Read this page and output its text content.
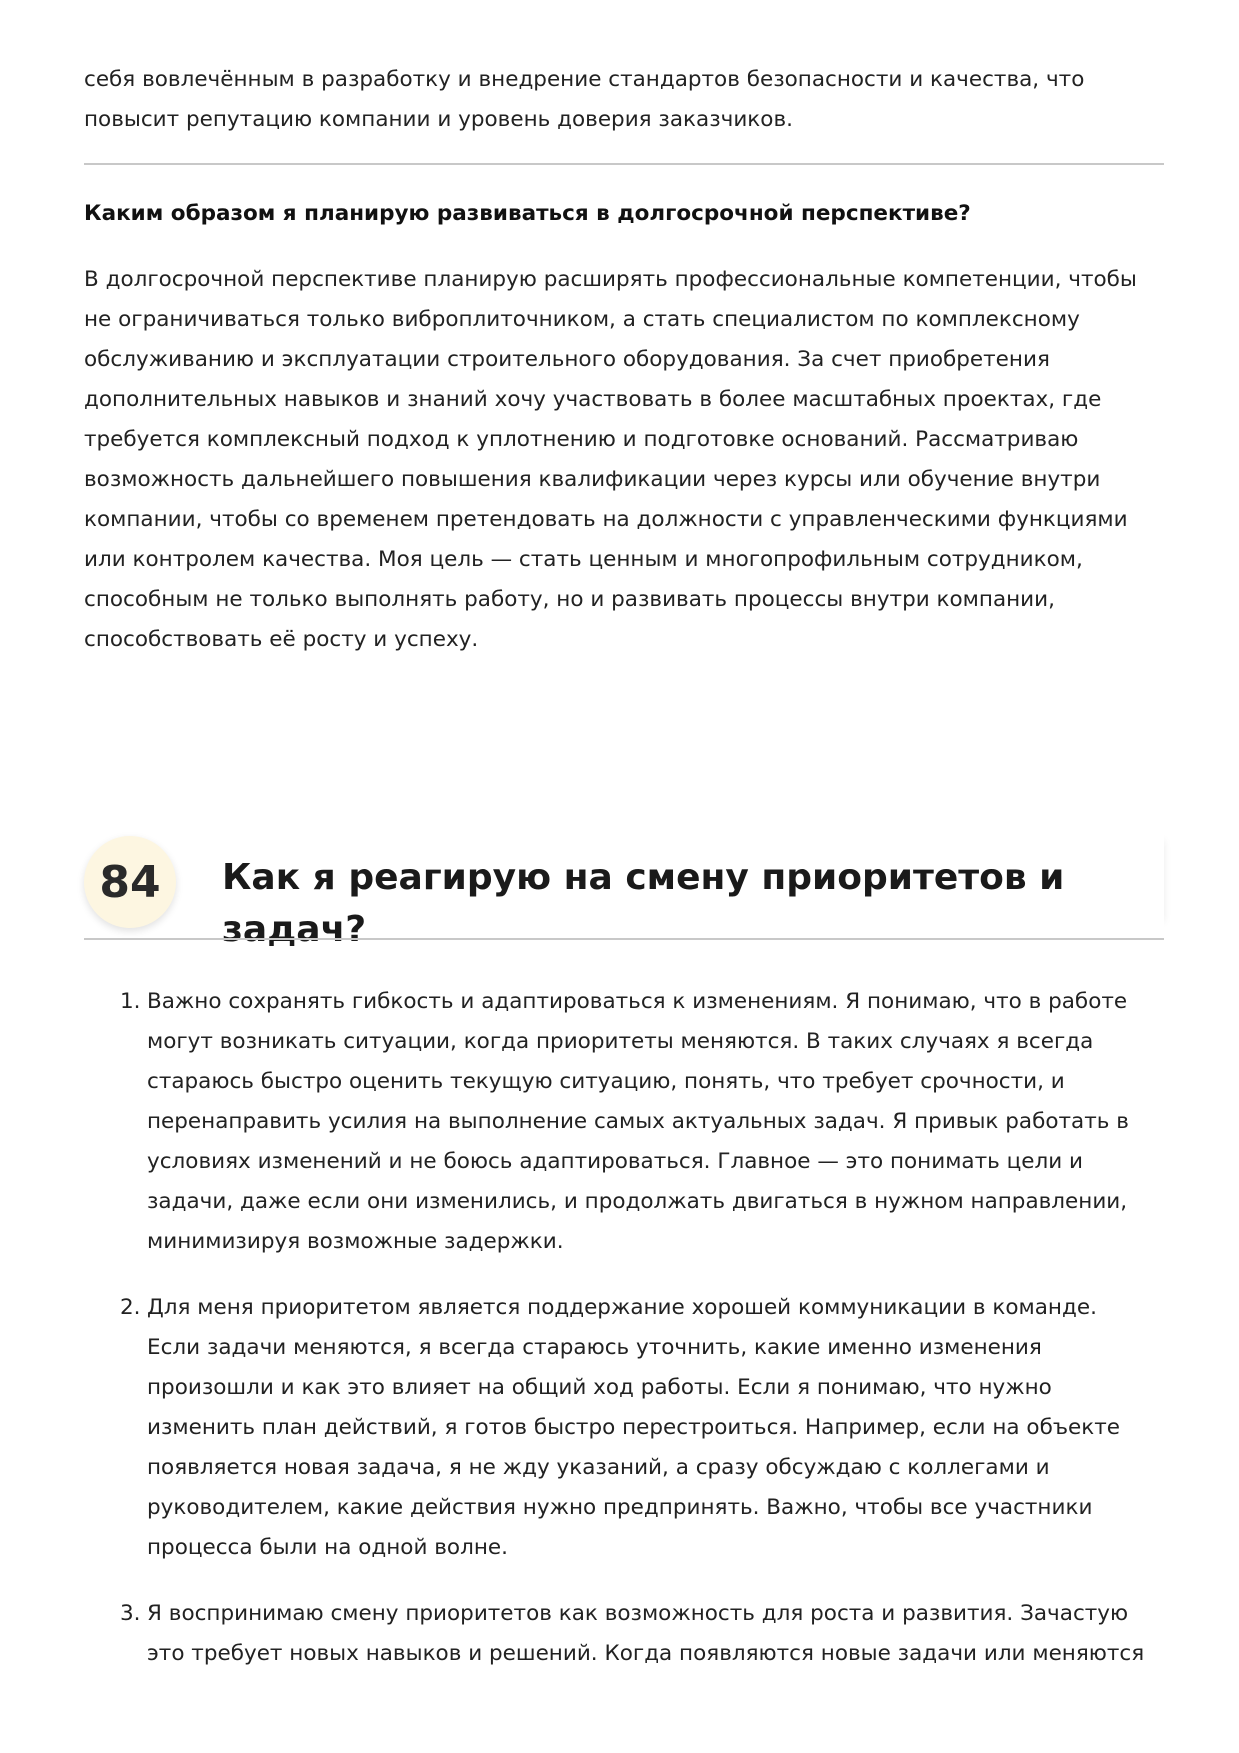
себя вовлечённым в разработку и внедрение стандартов безопасности и качества, что

повысит репутацию компании и уровень доверия заказчиков.

Каким образом я планирую развиваться в долгосрочной перспективе?

В долгосрочной перспективе планирую расширять профессиональные компетенции, чтобы

не ограничиваться только виброплиточником, а стать специалистом по комплексному

обслуживанию и эксплуатации строительного оборудования. За счет приобретения

дополнительных навыков и знаний хочу участвовать в более масштабных проектах, где

требуется комплексный подход к уплотнению и подготовке оснований. Рассматриваю

возможность дальнейшего повышения квалификации через курсы или обучение внутри

компании, чтобы со временем претендовать на должности с управленческими функциями

или контролем качества. Моя цель — стать ценным и многопрофильным сотрудником,

способным не только выполнять работу, но и развивать процессы внутри компании,

способствовать её росту и успеху.

84	Как я реагирую на смену приоритетов и задач?
1. Важно сохранять гибкость и адаптироваться к изменениям. Я понимаю, что в работе

могут возникать ситуации, когда приоритеты меняются. В таких случаях я всегда

стараюсь быстро оценить текущую ситуацию, понять, что требует срочности, и

перенаправить усилия на выполнение самых актуальных задач. Я привык работать в

условиях изменений и не боюсь адаптироваться. Главное — это понимать цели и

задачи, даже если они изменились, и продолжать двигаться в нужном направлении,

минимизируя возможные задержки.

2. Для меня приоритетом является поддержание хорошей коммуникации в команде.

Если задачи меняются, я всегда стараюсь уточнить, какие именно изменения

произошли и как это влияет на общий ход работы. Если я понимаю, что нужно

изменить план действий, я готов быстро перестроиться. Например, если на объекте

появляется новая задача, я не жду указаний, а сразу обсуждаю с коллегами и

руководителем, какие действия нужно предпринять. Важно, чтобы все участники

процесса были на одной волне.

3. Я воспринимаю смену приоритетов как возможность для роста и развития. Зачастую

это требует новых навыков и решений. Когда появляются новые задачи или меняются
